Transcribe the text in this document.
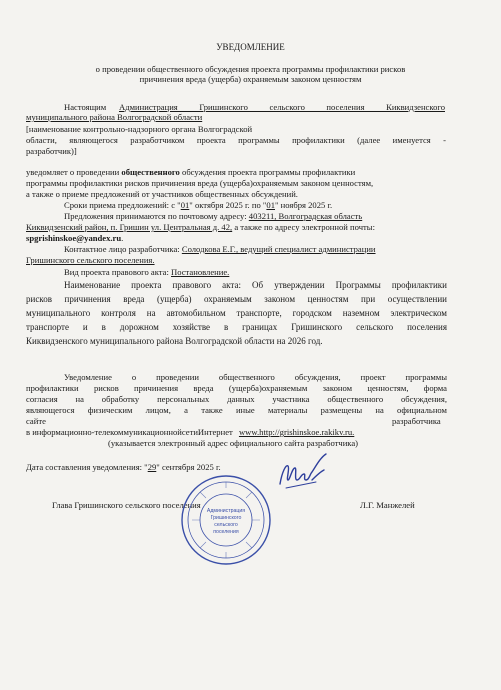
УВЕДОМЛЕНИЕ
о проведении общественного обсуждения проекта программы профилактики рисков
причинения вреда (ущерба) охраняемым законом ценностям
Настоящим Администрация Гришинского сельского поселения Киквидзенского
муниципального района Волгоградской области
[наименование контрольно-надзорного органа Волгоградской
области, являющегося разработчиком проекта программы профилактики (далее именуется -
разработчик)]
уведомляет о проведении общественного обсуждения проекта программы профилактики
программы профилактики рисков причинения вреда (ущерба)охраняемым законом ценностям,
а также о приеме предложений от участников общественных обсуждений.
Сроки приема предложений: с "01" октября 2025 г. по "01" ноября 2025 г.
Предложения принимаются по почтовому адресу: 403211, Волгоградская область
Киквидзенский район, п. Гришин ул. Центральная д. 42, а также по адресу электронной почты:
spgrishinskoе@yandex.ru.
Контактное лицо разработчика: Солодкова Е.Г., ведущий специалист администрации
Гришинского сельского поселения.
Вид проекта правового акта: Постановление.
Наименование проекта правового акта: Об утверждении Программы профилактики
рисков причинения вреда (ущерба) охраняемым законом ценностям при осуществлении
муниципального контроля на автомобильном транспорте, городском наземном электрическом
транспорте и в дорожном хозяйстве в границах Гришинского сельского поселения
Киквидзенского муниципального района Волгоградской области на 2026 год.
Уведомление о проведении общественного обсуждения, проект программы
профилактики рисков причинения вреда (ущерба)охраняемым законом ценностям, форма
согласия на обработку персональных данных участника общественного обсуждения,
являющегося физическим лицом, а также иные материалы размещены на официальном
сайте	разработчика
в информационно-телекоммуникационнойсетиИнтернет www.http://grishinskoe.rakikv.ru.
(указывается электронный адрес официального сайта разработчика)
Дата составления уведомления: "29" сентября 2025 г.
Глава Гришинского сельского поселения	Л.Г. Манжелей
Администрация
Гришинского
сельского
поселения
